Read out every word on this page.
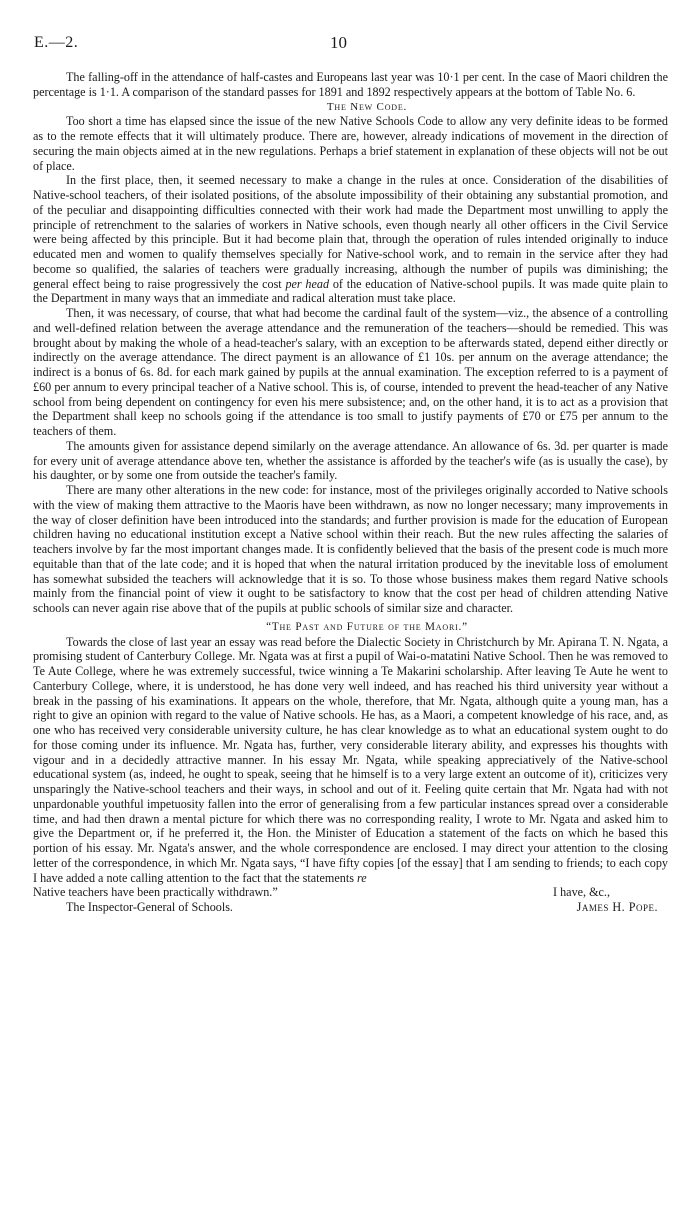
E.—2.	10

The falling-off in the attendance of half-castes and Europeans last year was 10·1 per cent. In the case of Maori children the percentage is 1·1. A comparison of the standard passes for 1891 and 1892 respectively appears at the bottom of Table No. 6.

The New Code.

Too short a time has elapsed since the issue of the new Native Schools Code to allow any very definite ideas to be formed as to the remote effects that it will ultimately produce. There are, however, already indications of movement in the direction of securing the main objects aimed at in the new regulations. Perhaps a brief statement in explanation of these objects will not be out of place.

In the first place, then, it seemed necessary to make a change in the rules at once. Consideration of the disabilities of Native-school teachers, of their isolated positions, of the absolute impossibility of their obtaining any substantial promotion, and of the peculiar and disappointing difficulties connected with their work had made the Department most unwilling to apply the principle of retrenchment to the salaries of workers in Native schools, even though nearly all other officers in the Civil Service were being affected by this principle. But it had become plain that, through the operation of rules intended originally to induce educated men and women to qualify themselves specially for Native-school work, and to remain in the service after they had become so qualified, the salaries of teachers were gradually increasing, although the number of pupils was diminishing; the general effect being to raise progressively the cost per head of the education of Native-school pupils. It was made quite plain to the Department in many ways that an immediate and radical alteration must take place.

Then, it was necessary, of course, that what had become the cardinal fault of the system—viz., the absence of a controlling and well-defined relation between the average attendance and the remuneration of the teachers—should be remedied. This was brought about by making the whole of a head-teacher's salary, with an exception to be afterwards stated, depend either directly or indirectly on the average attendance. The direct payment is an allowance of £1 10s. per annum on the average attendance; the indirect is a bonus of 6s. 8d. for each mark gained by pupils at the annual examination. The exception referred to is a payment of £60 per annum to every principal teacher of a Native school. This is, of course, intended to prevent the head-teacher of any Native school from being dependent on contingency for even his mere subsistence; and, on the other hand, it is to act as a provision that the Department shall keep no schools going if the attendance is too small to justify payments of £70 or £75 per annum to the teachers of them.

The amounts given for assistance depend similarly on the average attendance. An allowance of 6s. 3d. per quarter is made for every unit of average attendance above ten, whether the assistance is afforded by the teacher's wife (as is usually the case), by his daughter, or by some one from outside the teacher's family.

There are many other alterations in the new code: for instance, most of the privileges originally accorded to Native schools with the view of making them attractive to the Maoris have been withdrawn, as now no longer necessary; many improvements in the way of closer definition have been introduced into the standards; and further provision is made for the education of European children having no educational institution except a Native school within their reach. But the new rules affecting the salaries of teachers involve by far the most important changes made. It is confidently believed that the basis of the present code is much more equitable than that of the late code; and it is hoped that when the natural irritation produced by the inevitable loss of emolument has somewhat subsided the teachers will acknowledge that it is so. To those whose business makes them regard Native schools mainly from the financial point of view it ought to be satisfactory to know that the cost per head of children attending Native schools can never again rise above that of the pupils at public schools of similar size and character.

“The Past and Future of the Maori.”

Towards the close of last year an essay was read before the Dialectic Society in Christchurch by Mr. Apirana T. N. Ngata, a promising student of Canterbury College. Mr. Ngata was at first a pupil of Wai-o-matatini Native School. Then he was removed to Te Aute College, where he was extremely successful, twice winning a Te Makarini scholarship. After leaving Te Aute he went to Canterbury College, where, it is understood, he has done very well indeed, and has reached his third university year without a break in the passing of his examinations. It appears on the whole, therefore, that Mr. Ngata, although quite a young man, has a right to give an opinion with regard to the value of Native schools. He has, as a Maori, a competent knowledge of his race, and, as one who has received very considerable university culture, he has clear knowledge as to what an educational system ought to do for those coming under its influence. Mr. Ngata has, further, very considerable literary ability, and expresses his thoughts with vigour and in a decidedly attractive manner. In his essay Mr. Ngata, while speaking appreciatively of the Native-school educational system (as, indeed, he ought to speak, seeing that he himself is to a very large extent an outcome of it), criticizes very unsparingly the Native-school teachers and their ways, in school and out of it. Feeling quite certain that Mr. Ngata had with not unpardonable youthful impetuosity fallen into the error of generalising from a few particular instances spread over a considerable time, and had then drawn a mental picture for which there was no corresponding reality, I wrote to Mr. Ngata and asked him to give the Department or, if he preferred it, the Hon. the Minister of Education a statement of the facts on which he based this portion of his essay. Mr. Ngata's answer, and the whole correspondence are enclosed. I may direct your attention to the closing letter of the correspondence, in which Mr. Ngata says, “I have fifty copies [of the essay] that I am sending to friends; to each copy I have added a note calling attention to the fact that the statements re

Native teachers have been practically withdrawn.”	I have, &c.,
The Inspector-General of Schools.	James H. Pope.
